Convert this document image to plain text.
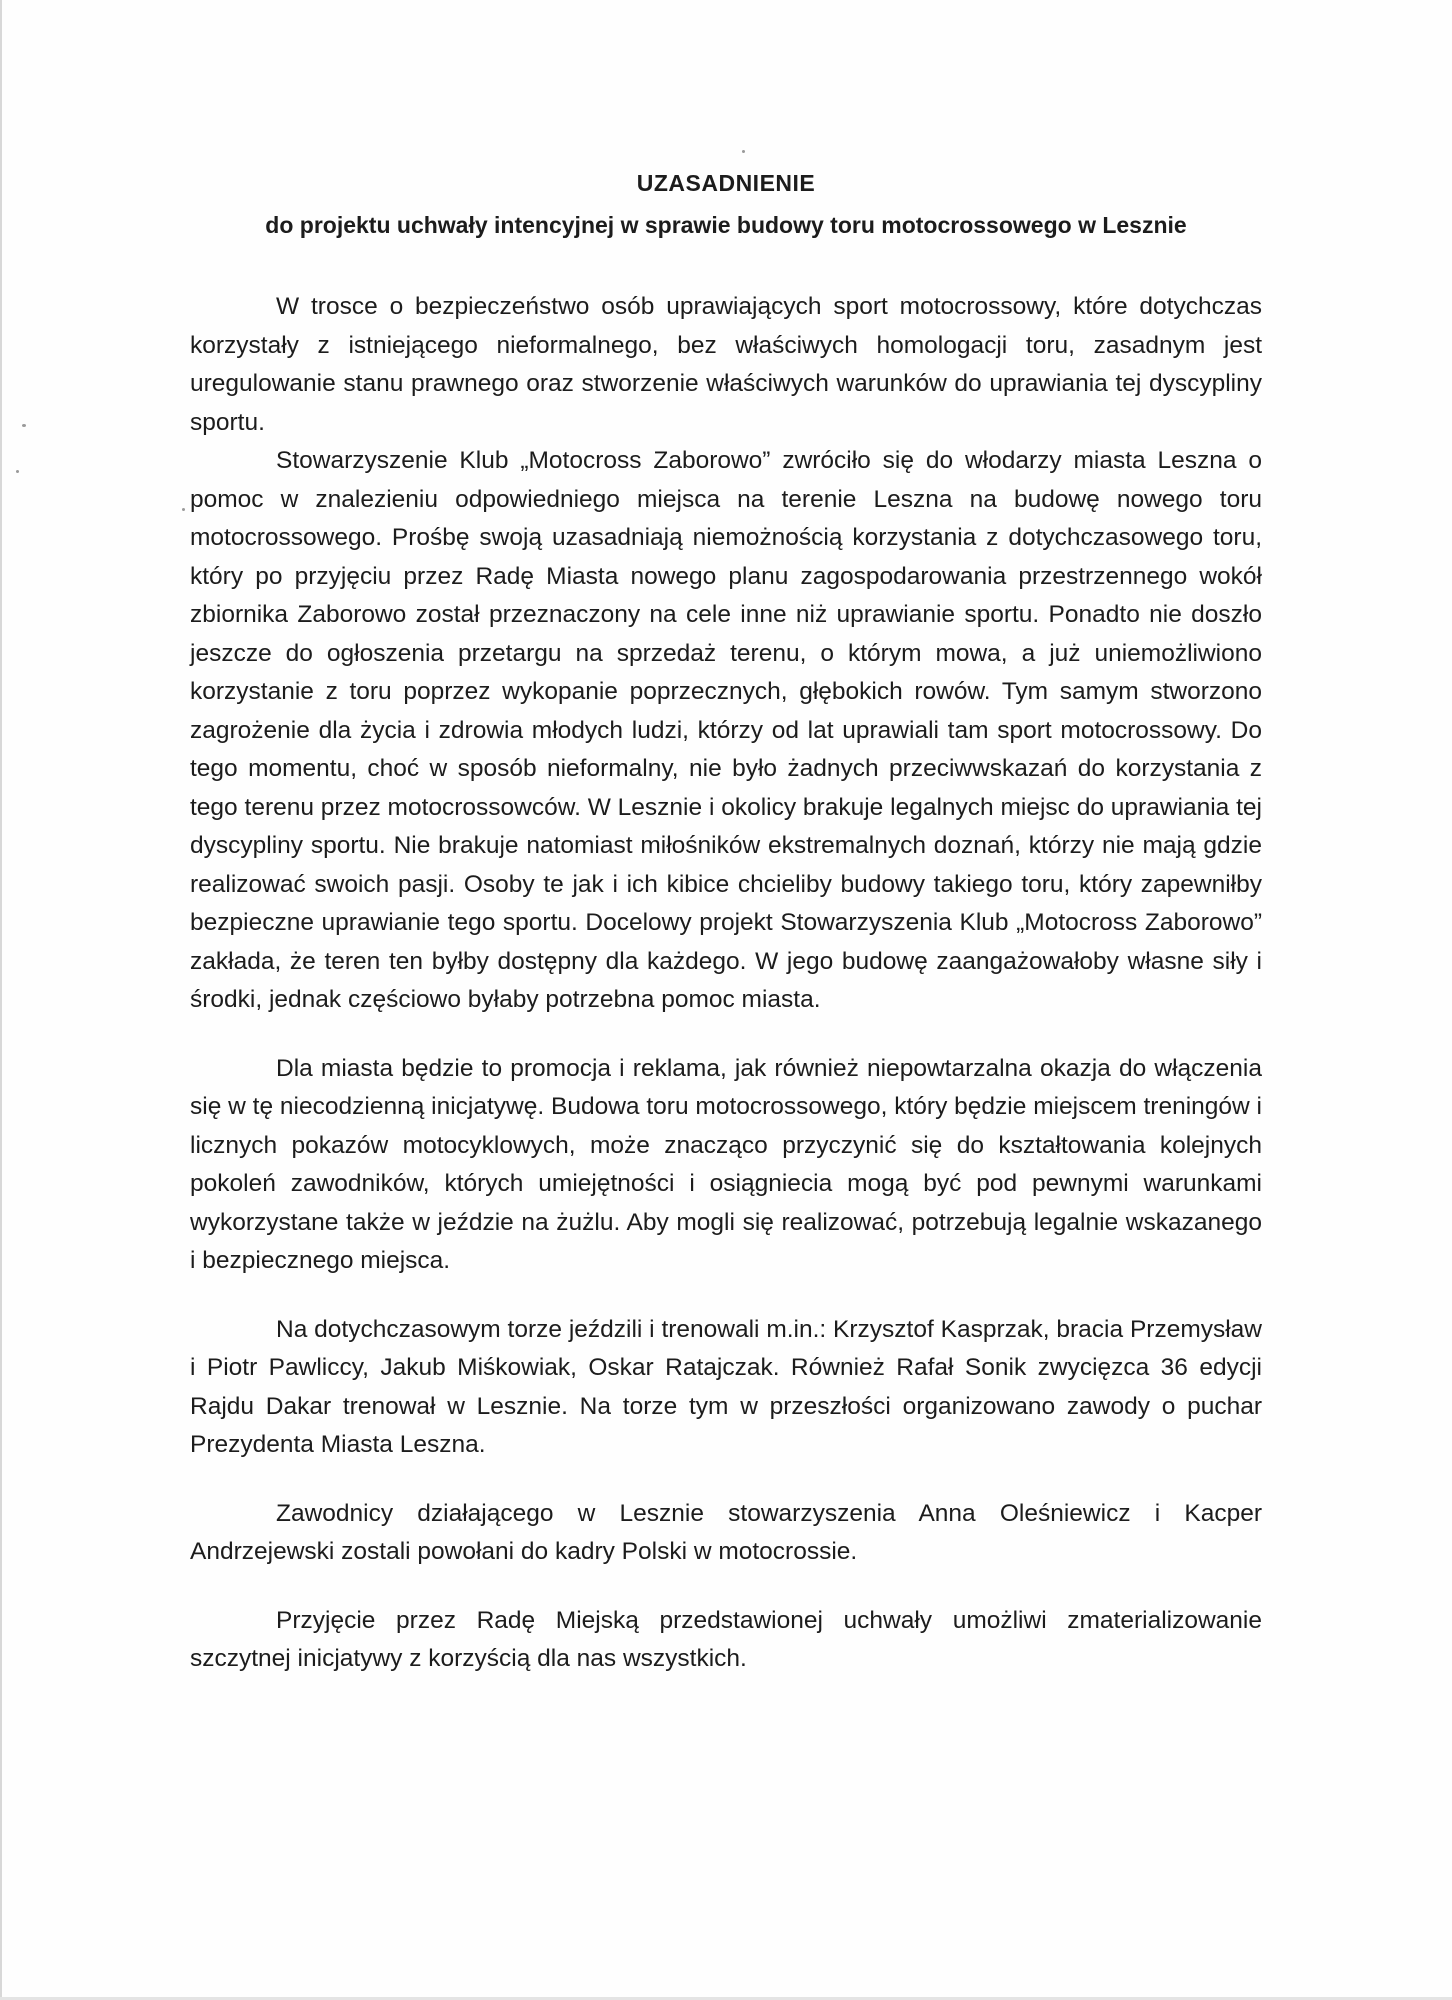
UZASADNIENIE
do projektu uchwały intencyjnej w sprawie budowy toru motocrossowego w Lesznie

W trosce o bezpieczeństwo osób uprawiających sport motocrossowy, które dotychczas korzystały z istniejącego nieformalnego, bez właściwych homologacji toru, zasadnym jest uregulowanie stanu prawnego oraz stworzenie właściwych warunków do uprawiania tej dyscypliny sportu.

Stowarzyszenie Klub „Motocross Zaborowo” zwróciło się do włodarzy miasta Leszna o pomoc w znalezieniu odpowiedniego miejsca na terenie Leszna na budowę nowego toru motocrossowego. Prośbę swoją uzasadniają niemożnością korzystania z dotychczasowego toru, który po przyjęciu przez Radę Miasta nowego planu zagospodarowania przestrzennego wokół zbiornika Zaborowo został przeznaczony na cele inne niż uprawianie sportu. Ponadto nie doszło jeszcze do ogłoszenia przetargu na sprzedaż terenu, o którym mowa, a już uniemożliwiono korzystanie z toru poprzez wykopanie poprzecznych, głębokich rowów. Tym samym stworzono zagrożenie dla życia i zdrowia młodych ludzi, którzy od lat uprawiali tam sport motocrossowy. Do tego momentu, choć w sposób nieformalny, nie było żadnych przeciwwskazań do korzystania z tego terenu przez motocrossowców. W Lesznie i okolicy brakuje legalnych miejsc do uprawiania tej dyscypliny sportu. Nie brakuje natomiast miłośników ekstremalnych doznań, którzy nie mają gdzie realizować swoich pasji. Osoby te jak i ich kibice chcieliby budowy takiego toru, który zapewniłby bezpieczne uprawianie tego sportu. Docelowy projekt Stowarzyszenia Klub „Motocross Zaborowo” zakłada, że teren ten byłby dostępny dla każdego. W jego budowę zaangażowałoby własne siły i środki, jednak częściowo byłaby potrzebna pomoc miasta.

Dla miasta będzie to promocja i reklama, jak również niepowtarzalna okazja do włączenia się w tę niecodzienną inicjatywę. Budowa toru motocrossowego, który będzie miejscem treningów i licznych pokazów motocyklowych, może znacząco przyczynić się do kształtowania kolejnych pokoleń zawodników, których umiejętności i osiągniecia mogą być pod pewnymi warunkami wykorzystane także w jeździe na żużlu. Aby mogli się realizować, potrzebują legalnie wskazanego i bezpiecznego miejsca.

Na dotychczasowym torze jeździli i trenowali m.in.: Krzysztof Kasprzak, bracia Przemysław i Piotr Pawliccy, Jakub Miśkowiak, Oskar Ratajczak. Również Rafał Sonik zwycięzca 36 edycji Rajdu Dakar trenował w Lesznie. Na torze tym w przeszłości organizowano zawody o puchar Prezydenta Miasta Leszna.

Zawodnicy działającego w Lesznie stowarzyszenia Anna Oleśniewicz i Kacper Andrzejewski zostali powołani do kadry Polski w motocrossie.

Przyjęcie przez Radę Miejską przedstawionej uchwały umożliwi zmaterializowanie szczytnej inicjatywy z korzyścią dla nas wszystkich.
